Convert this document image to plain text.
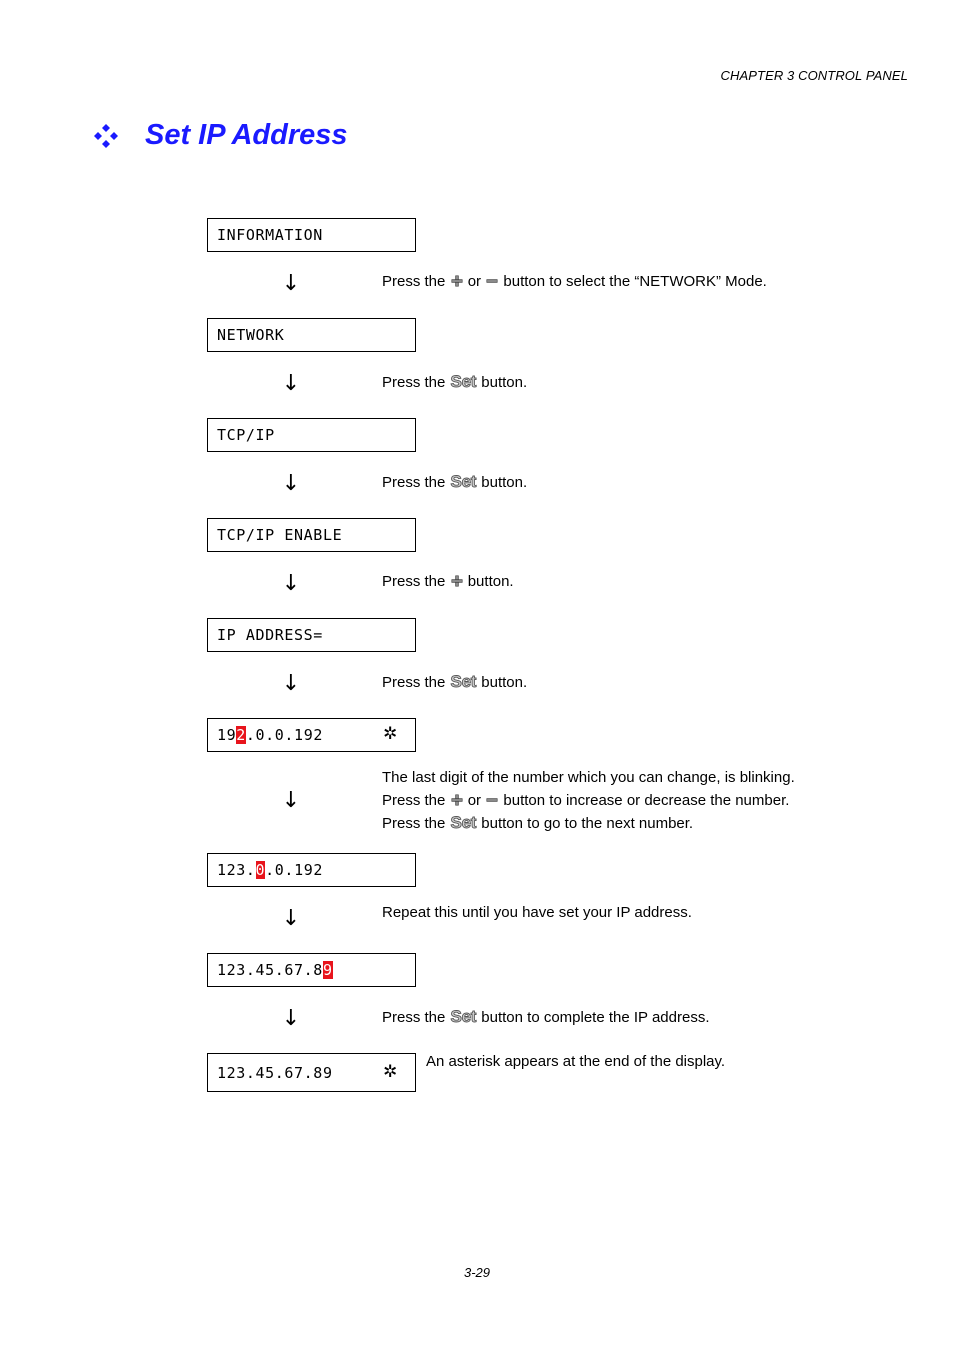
CHAPTER 3 CONTROL PANEL
Set IP Address
INFORMATION
↓	Press the or button to select the “NETWORK” Mode.
NETWORK
↓	Press the Set button.
TCP/IP
↓	Press the Set button.
TCP/IP ENABLE
↓	Press the button.
IP ADDRESS=
↓	Press the Set button.
19 2 .0.0.192	✲
↓
The last digit of the number which you can change, is blinking.
Press the or button to increase or decrease the number.
Press the Set button to go to the next number.
123. 0 .0.192
↓	Repeat this until you have set your IP address.
123.45.67.8 9
↓	Press the Set button to complete the IP address.
123.45.67.89	✲
An asterisk appears at the end of the display.
3-29
